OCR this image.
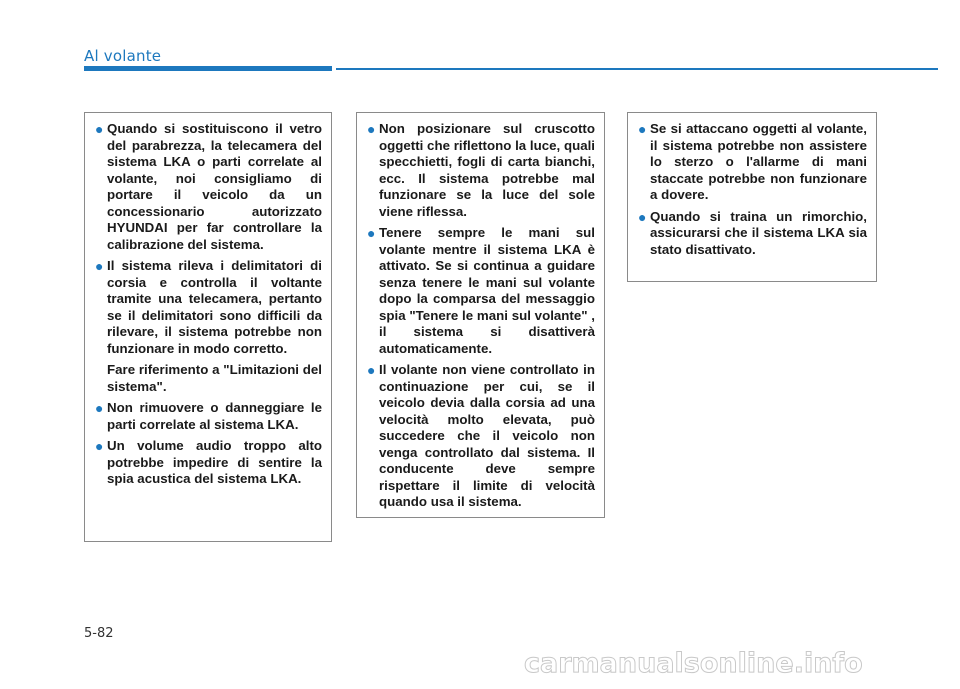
Al volante
● Quando si sostituiscono il vetro del parabrezza, la telecamera del sistema LKA o parti correlate al volante, noi consigliamo di portare il veicolo da un concessionario autorizzato HYUNDAI per far controllare la calibrazione del sistema.

● Il sistema rileva i delimitatori di corsia e controlla il voltante tramite una telecamera, pertanto se il delimitatori sono difficili da rilevare, il sistema potrebbe non funzionare in modo corretto.

Fare riferimento a "Limitazioni del sistema".

● Non rimuovere o danneggiare le parti correlate al sistema LKA.

● Un volume audio troppo alto potrebbe impedire di sentire la spia acustica del sistema LKA.

● Non posizionare sul cruscotto oggetti che riflettono la luce, quali specchietti, fogli di carta bianchi, ecc. Il sistema potrebbe mal funzionare se la luce del sole viene riflessa.

● Tenere sempre le mani sul volante mentre il sistema LKA è attivato. Se si continua a guidare senza tenere le mani sul volante dopo la comparsa del messaggio spia "Tenere le mani sul volante" , il sistema si disattiverà automaticamente.

● Il volante non viene controllato in continuazione per cui, se il veicolo devia dalla corsia ad una velocità molto elevata, può succedere che il veicolo non venga controllato dal sistema. Il conducente deve sempre rispettare il limite di velocità quando usa il sistema.

● Se si attaccano oggetti al volante, il sistema potrebbe non assistere lo sterzo o l'allarme di mani staccate potrebbe non funzionare a dovere.

● Quando si traina un rimorchio, assicurarsi che il sistema LKA sia stato disattivato.

5-82
carmanualsonline.info
